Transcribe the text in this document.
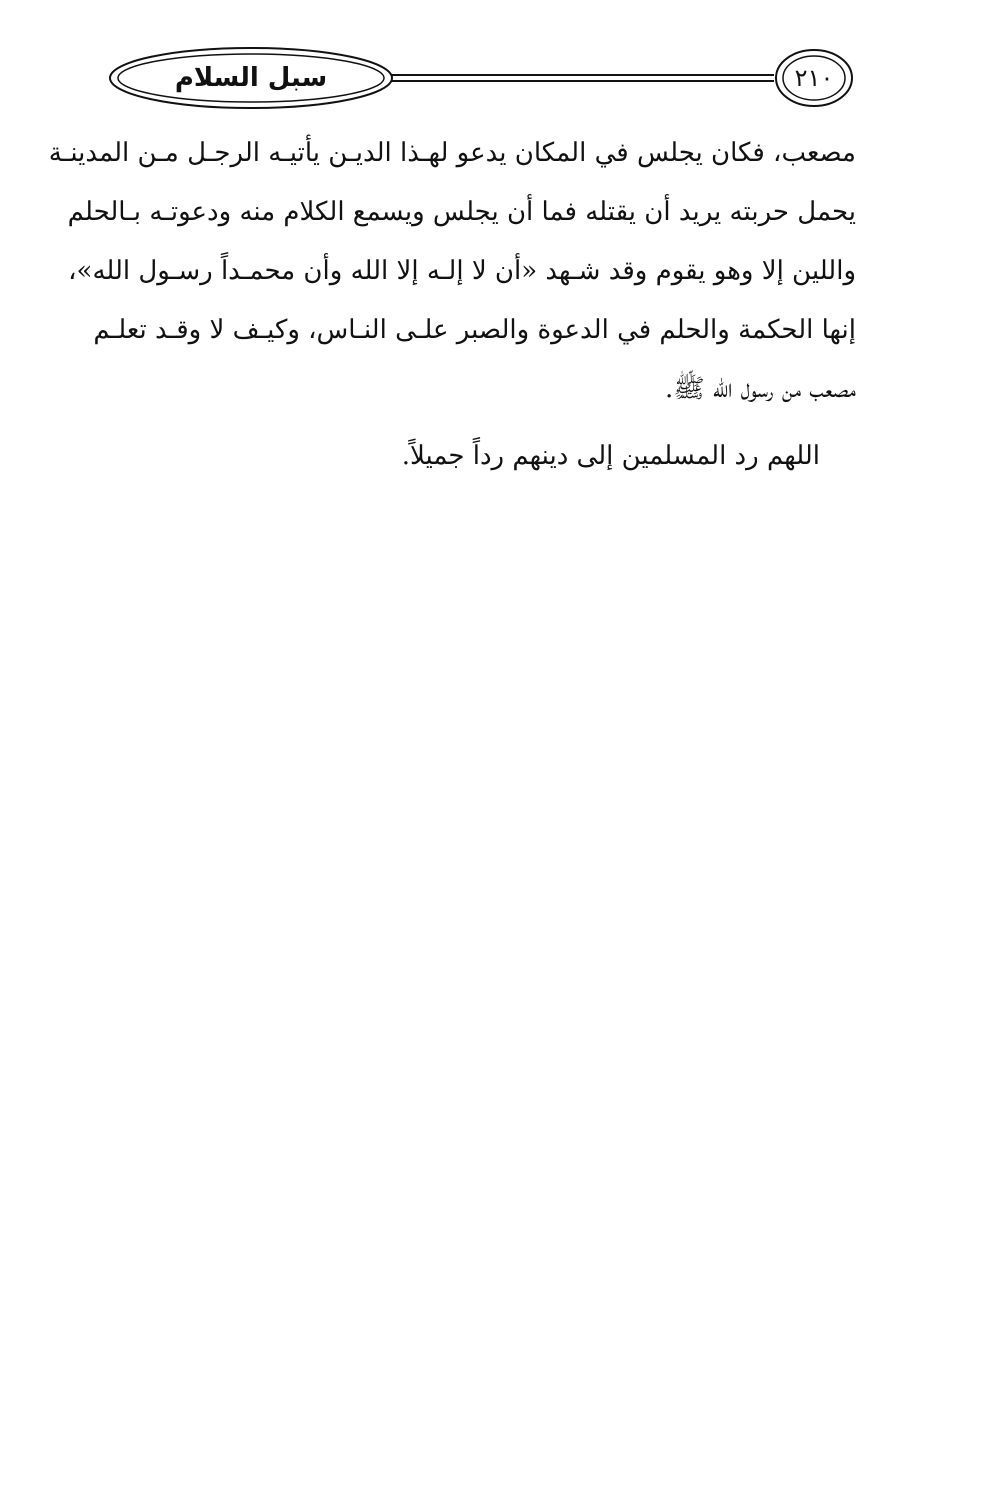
سبل السلام	٢١٠
مصعب، فكان يجلس في المكان يدعو لهـذا الديـن يأتيـه الرجـل مـن المدينـة
يحمل حربته يريد أن يقتله فما أن يجلس ويسمع الكلام منه ودعوتـه بـالحلم
واللين إلا وهو يقوم وقد شـهد «أن لا إلـه إلا الله وأن محمـداً رسـول الله»،
إنها الحكمة والحلم في الدعوة والصبر علـى النـاس، وكيـف لا وقـد تعلـم
مصعب من رسول الله ﷺ.
اللهم رد المسلمين إلى دينهم رداً جميلاً.
